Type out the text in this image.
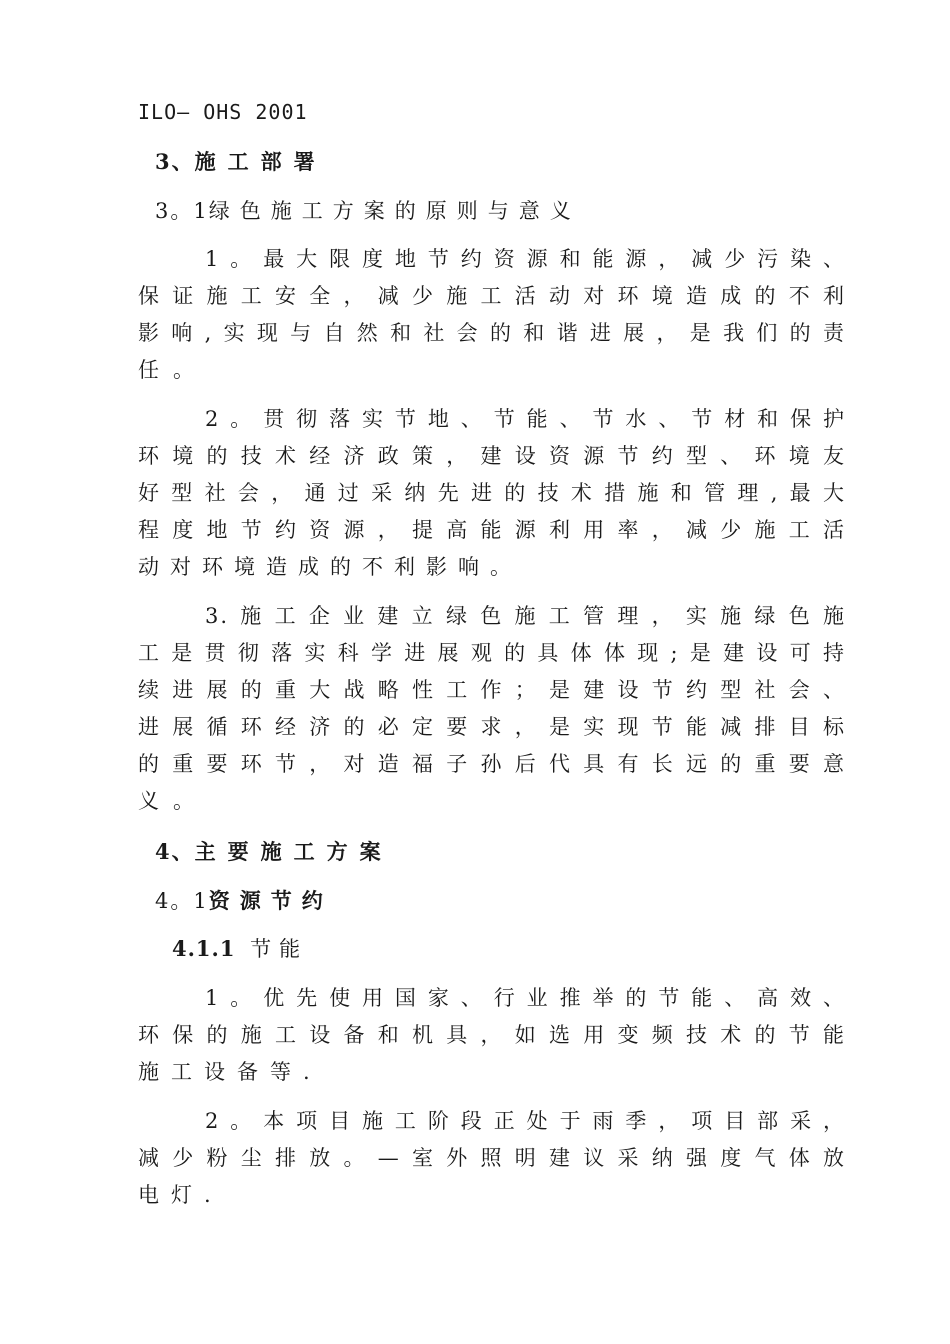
ILO— OHS 2001
3、施工部署
3。1绿色施工方案的原则与意义
1。最大限度地节约资源和能源，减少污染、
保证施工安全，减少施工活动对环境造成的不利
影响,实现与自然和社会的和谐进展，是我们的责
任。
2。贯彻落实节地、节能、节水、节材和保护
环境的技术经济政策，建设资源节约型、环境友
好型社会，通过采纳先进的技术措施和管理,最大
程度地节约资源，提高能源利用率，减少施工活
动对环境造成的不利影响。
3.施工企业建立绿色施工管理，实施绿色施
工是贯彻落实科学进展观的具体体现;是建设可持
续进展的重大战略性工作；是建设节约型社会、
进展循环经济的必定要求，是实现节能减排目标
的重要环节，对造福子孙后代具有长远的重要意
义。
4、主要施工方案
4。1资源节约
4.1.1 节能
1。优先使用国家、行业推举的节能、高效、
环保的施工设备和机具，如选用变频技术的节能
施工设备等.
2。本项目施工阶段正处于雨季，项目部采，
减少粉尘排放。—室外照明建议采纳强度气体放
电灯.
